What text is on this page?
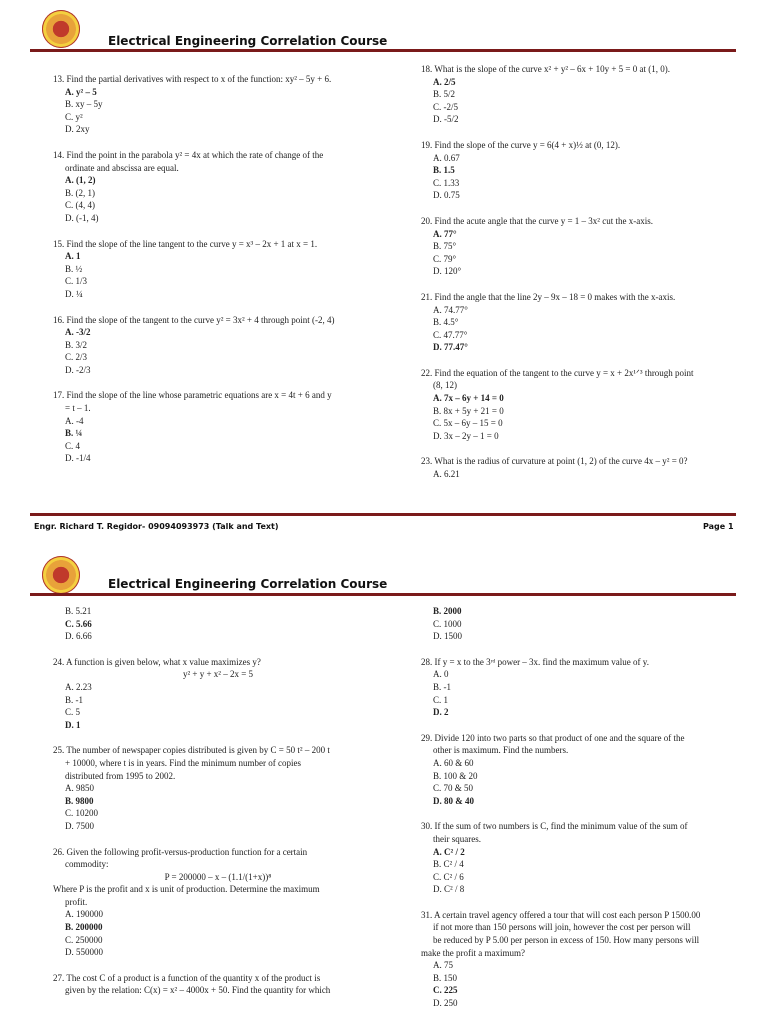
Electrical Engineering Correlation Course
13. Find the partial derivatives with respect to x of the function: xy² – 5y + 6.
A. y² – 5
B. xy – 5y
C. y²
D. 2xy
14. Find the point in the parabola y² = 4x at which the rate of change of the
ordinate and abscissa are equal.
A. (1, 2)
B. (2, 1)
C. (4, 4)
D. (-1, 4)
15. Find the slope of the line tangent to the curve y = x³ – 2x + 1 at x = 1.
A. 1
B. ½
C. 1/3
D. ¼
16. Find the slope of the tangent to the curve y² = 3x² + 4 through point (-2, 4)
A. -3/2
B. 3/2
C. 2/3
D. -2/3
17. Find the slope of the line whose parametric equations are x = 4t + 6 and y
= t – 1.
A. -4
B. ¼
C. 4
D. -1/4
18. What is the slope of the curve x² + y² – 6x + 10y + 5 = 0 at (1, 0).
A. 2/5
B. 5/2
C. -2/5
D. -5/2
19. Find the slope of the curve y = 6(4 + x)½ at (0, 12).
A. 0.67
B. 1.5
C. 1.33
D. 0.75
20. Find the acute angle that the curve y = 1 – 3x² cut the x-axis.
A. 77°
B. 75°
C. 79°
D. 120°
21. Find the angle that the line 2y – 9x – 18 = 0 makes with the x-axis.
A. 74.77°
B. 4.5°
C. 47.77°
D. 77.47°
22. Find the equation of the tangent to the curve y = x + 2x¹ᐟ³ through point
(8, 12)
A. 7x – 6y + 14 = 0
B. 8x + 5y + 21 = 0
C. 5x – 6y – 15 = 0
D. 3x – 2y – 1 = 0
23. What is the radius of curvature at point (1, 2) of the curve 4x – y² = 0?
A. 6.21
Engr. Richard T. Regidor- 09094093973 (Talk and Text)	Page 1
Electrical Engineering Correlation Course
B. 5.21
C. 5.66
D. 6.66
24. A function is given below, what x value maximizes y?
y² + y + x² – 2x = 5
A. 2.23
B. -1
C. 5
D. 1
25. The number of newspaper copies distributed is given by C = 50 t² – 200 t
+ 10000, where t is in years. Find the minimum number of copies
distributed from 1995 to 2002.
A. 9850
B. 9800
C. 10200
D. 7500
26. Given the following profit-versus-production function for a certain
commodity:
P = 200000 – x – (1.1/(1+x))⁸
Where P is the profit and x is unit of production. Determine the maximum
profit.
A. 190000
B. 200000
C. 250000
D. 550000
27. The cost C of a product is a function of the quantity x of the product is
given by the relation: C(x) = x² – 4000x + 50. Find the quantity for which
B. 2000
C. 1000
D. 1500
28. If y = x to the 3ʳᵈ power – 3x. find the maximum value of y.
A. 0
B. -1
C. 1
D. 2
29. Divide 120 into two parts so that product of one and the square of the
other is maximum. Find the numbers.
A. 60 & 60
B. 100 & 20
C. 70 & 50
D. 80 & 40
30. If the sum of two numbers is C, find the minimum value of the sum of
their squares.
A. C² / 2
B. C² / 4
C. C² / 6
D. C² / 8
31. A certain travel agency offered a tour that will cost each person P 1500.00
if not more than 150 persons will join, however the cost per person will
be reduced by P 5.00 per person in excess of 150. How many persons will
make the profit a maximum?
A. 75
B. 150
C. 225
D. 250
